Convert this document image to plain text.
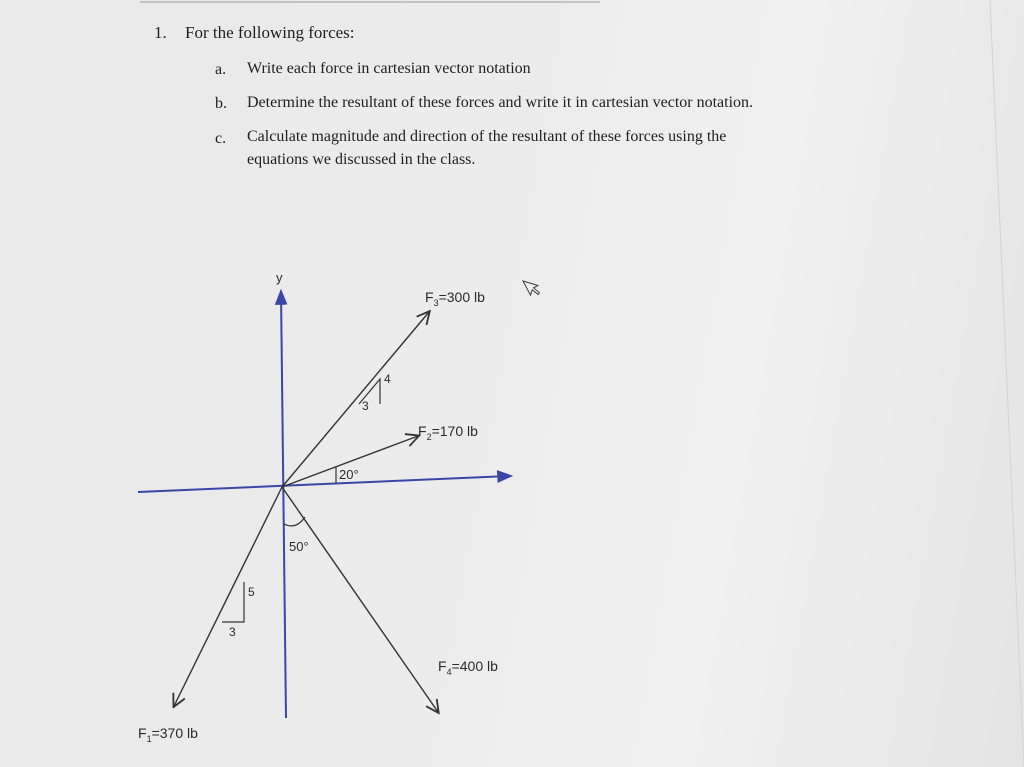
1. For the following forces:
a. Write each force in cartesian vector notation
b. Determine the resultant of these forces and write it in cartesian vector notation.
c. Calculate magnitude and direction of the resultant of these forces using the
equations we discussed in the class.
y
3
4
$F_3=300$ lb
20°
$F_2=170$ lb
5
3
$F_1=370$ lb
50°
$F_4=400$ lb
